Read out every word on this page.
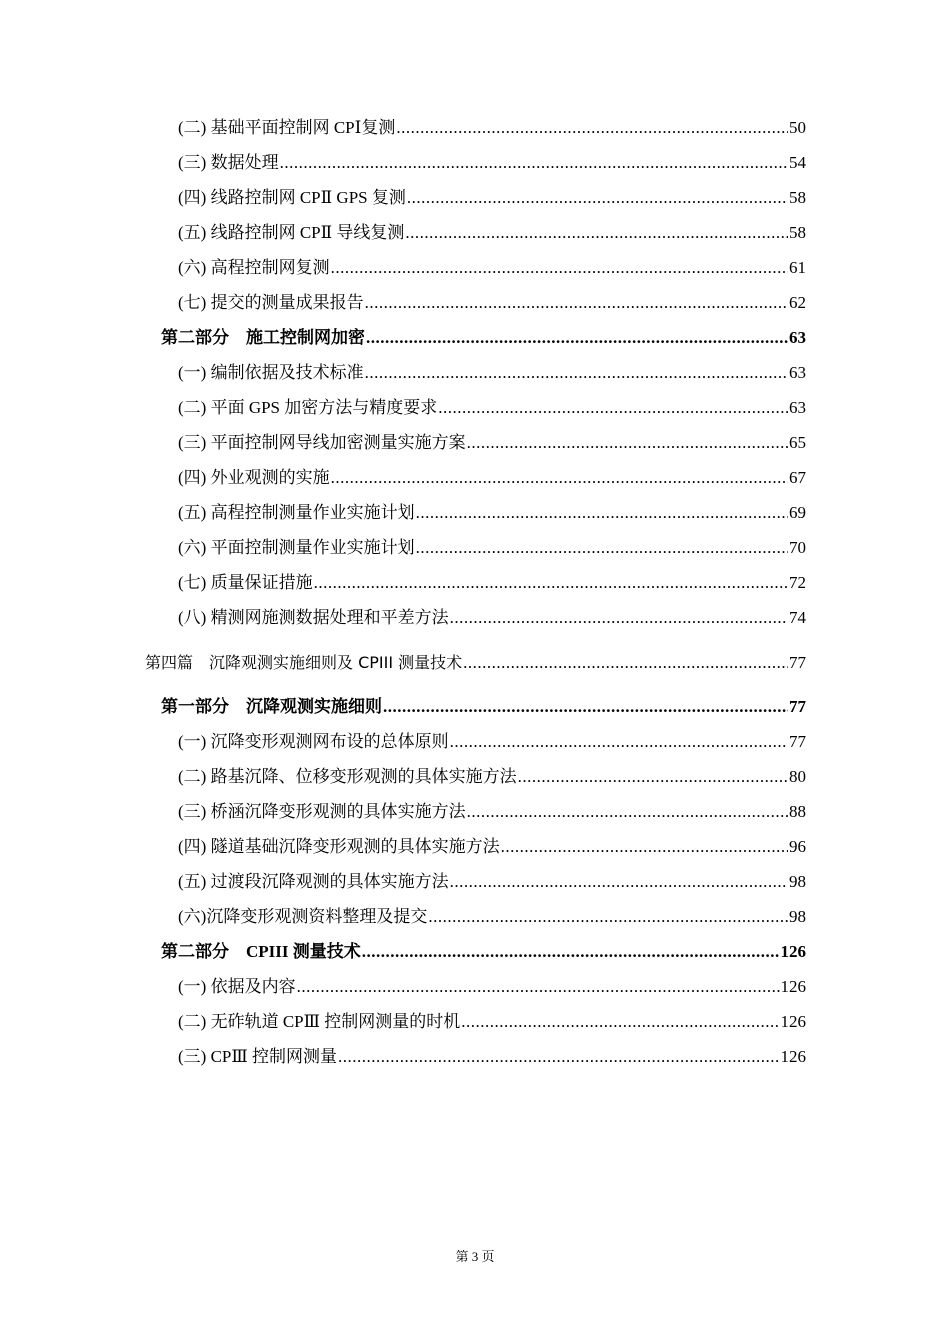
(二) 基础平面控制网 CPⅠ复测 .....	50
(三) 数据处理 .....	54
(四) 线路控制网 CPⅡ GPS 复测 .....	58
(五) 线路控制网 CPⅡ 导线复测 .....	58
(六) 高程控制网复测 .....	61
(七) 提交的测量成果报告 .....	62
第二部分　施工控制网加密 .....	63
(一) 编制依据及技术标准 .....	63
(二) 平面 GPS 加密方法与精度要求 .....	63
(三) 平面控制网导线加密测量实施方案 .....	65
(四) 外业观测的实施 .....	67
(五) 高程控制测量作业实施计划 .....	69
(六) 平面控制测量作业实施计划 .....	70
(七) 质量保证措施 .....	72
(八) 精测网施测数据处理和平差方法 .....	74
第四篇　沉降观测实施细则及 CPIII 测量技术 .....	77
第一部分　沉降观测实施细则 .....	77
(一) 沉降变形观测网布设的总体原则 .....	77
(二) 路基沉降、位移变形观测的具体实施方法 .....	80
(三) 桥涵沉降变形观测的具体实施方法 .....	88
(四) 隧道基础沉降变形观测的具体实施方法 .....	96
(五) 过渡段沉降观测的具体实施方法 .....	98
(六)沉降变形观测资料整理及提交 .....	98
第二部分　CPIII 测量技术 .....	126
(一) 依据及内容 .....	126
(二) 无砟轨道 CPⅢ 控制网测量的时机 .....	126
(三) CPⅢ 控制网测量 .....	126
第 3 页
